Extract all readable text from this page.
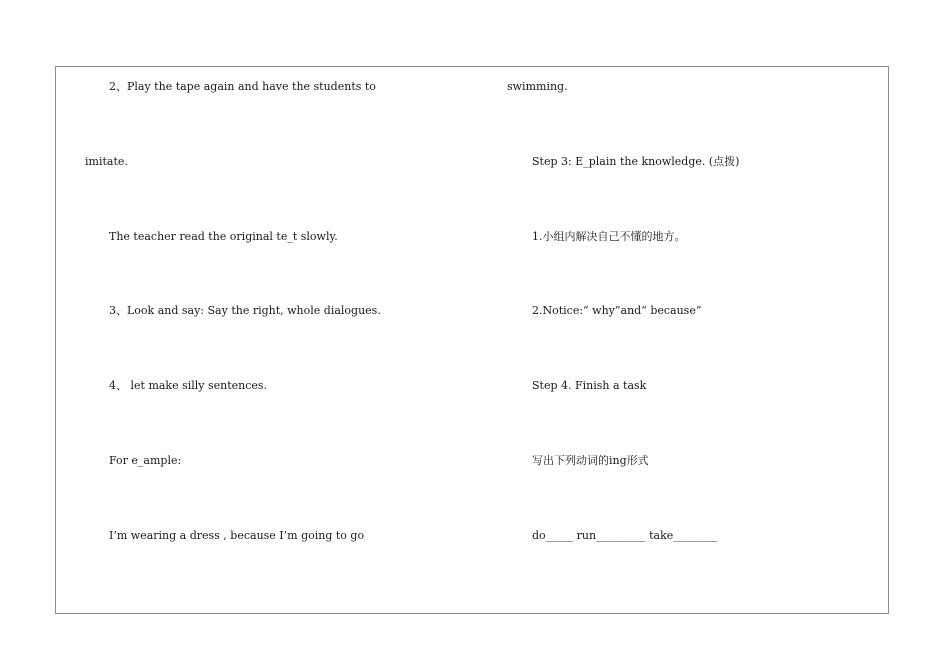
2、Play the tape again and have the students to
imitate.
The teacher read the original te_t slowly.
3、Look and say: Say the right, whole dialogues.
4、 let make silly sentences.
For e_ample:
I’m wearing a dress , because I’m going to go
swimming.
Step 3: E_plain the knowledge. (点拨)
1.小组内解决自己不懂的地方。
2.Notice:“ why”and“ because”
Step 4. Finish a task
写出下列动词的ing形式
do_____ run_________ take________
